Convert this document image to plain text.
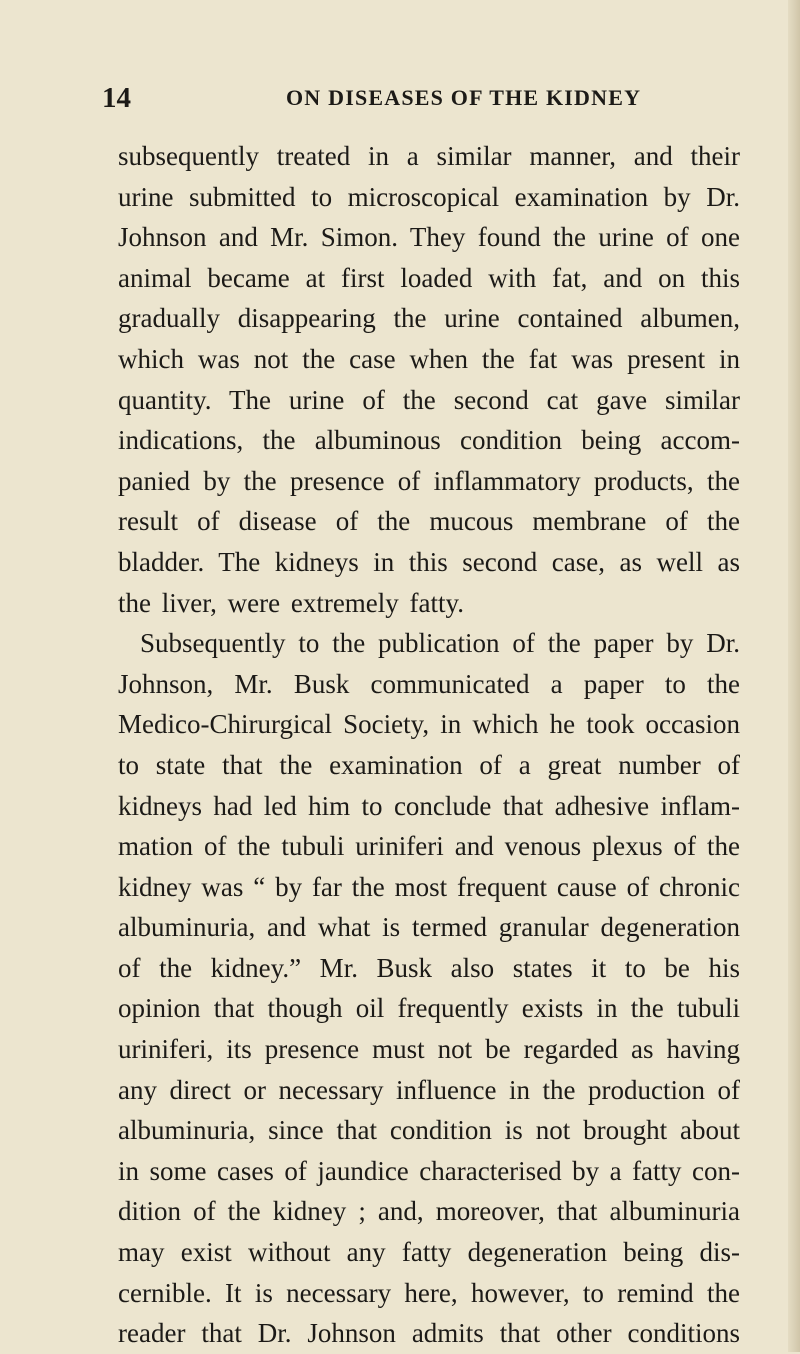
14	ON DISEASES OF THE KIDNEY
subsequently treated in a similar manner, and their
urine submitted to microscopical examination by Dr.
Johnson and Mr. Simon. They found the urine of one
animal became at first loaded with fat, and on this
gradually disappearing the urine contained albumen,
which was not the case when the fat was present in
quantity. The urine of the second cat gave similar
indications, the albuminous condition being accom-
panied by the presence of inflammatory products, the
result of disease of the mucous membrane of the
bladder. The kidneys in this second case, as well as
the liver, were extremely fatty.
Subsequently to the publication of the paper by Dr.
Johnson, Mr. Busk communicated a paper to the
Medico-Chirurgical Society, in which he took occasion
to state that the examination of a great number of
kidneys had led him to conclude that adhesive inflam-
mation of the tubuli uriniferi and venous plexus of the
kidney was “ by far the most frequent cause of chronic
albuminuria, and what is termed granular degeneration
of the kidney.” Mr. Busk also states it to be his
opinion that though oil frequently exists in the tubuli
uriniferi, its presence must not be regarded as having
any direct or necessary influence in the production of
albuminuria, since that condition is not brought about
in some cases of jaundice characterised by a fatty con-
dition of the kidney ; and, moreover, that albuminuria
may exist without any fatty degeneration being dis-
cernible. It is necessary here, however, to remind the
reader that Dr. Johnson admits that other conditions
